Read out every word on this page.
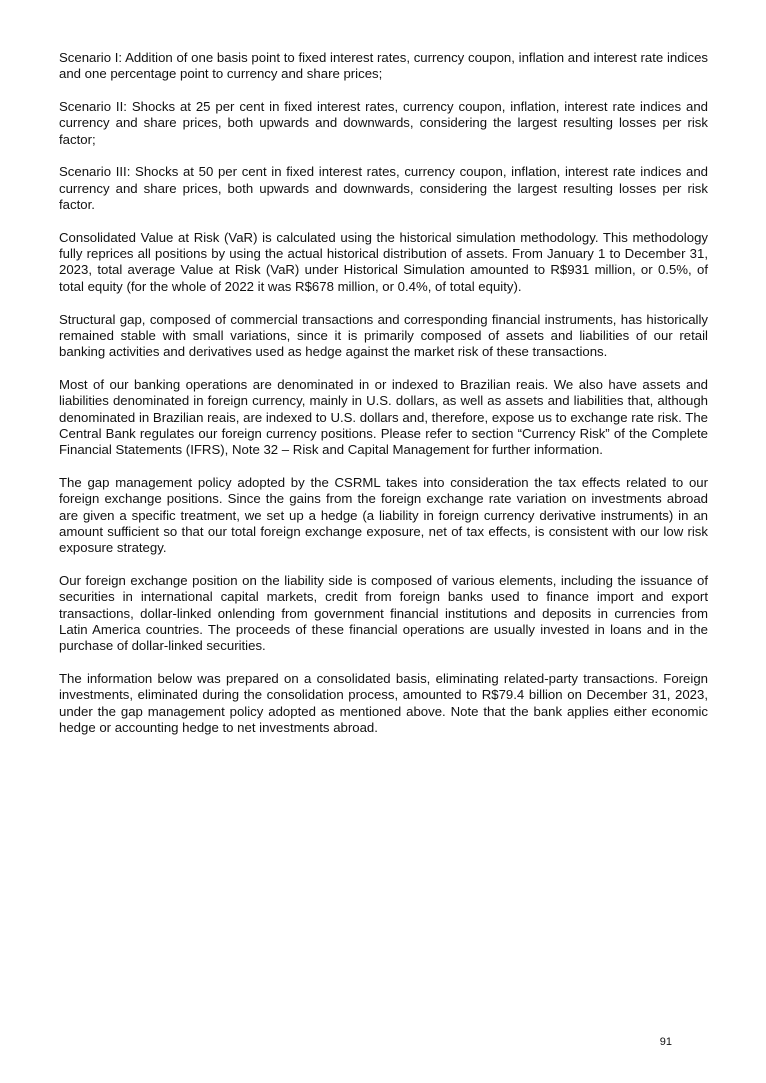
Scenario I: Addition of one basis point to fixed interest rates, currency coupon, inflation and interest rate indices and one percentage point to currency and share prices;

Scenario II: Shocks at 25 per cent in fixed interest rates, currency coupon, inflation, interest rate indices and currency and share prices, both upwards and downwards, considering the largest resulting losses per risk factor;

Scenario III: Shocks at 50 per cent in fixed interest rates, currency coupon, inflation, interest rate indices and currency and share prices, both upwards and downwards, considering the largest resulting losses per risk factor.

Consolidated Value at Risk (VaR) is calculated using the historical simulation methodology. This methodology fully reprices all positions by using the actual historical distribution of assets. From January 1 to December 31, 2023, total average Value at Risk (VaR) under Historical Simulation amounted to R$931 million, or 0.5%, of total equity (for the whole of 2022 it was R$678 million, or 0.4%, of total equity).

Structural gap, composed of commercial transactions and corresponding financial instruments, has historically remained stable with small variations, since it is primarily composed of assets and liabilities of our retail banking activities and derivatives used as hedge against the market risk of these transactions.

Most of our banking operations are denominated in or indexed to Brazilian reais. We also have assets and liabilities denominated in foreign currency, mainly in U.S. dollars, as well as assets and liabilities that, although denominated in Brazilian reais, are indexed to U.S. dollars and, therefore, expose us to exchange rate risk. The Central Bank regulates our foreign currency positions. Please refer to section “Currency Risk” of the Complete Financial Statements (IFRS), Note 32 – Risk and Capital Management for further information.

The gap management policy adopted by the CSRML takes into consideration the tax effects related to our foreign exchange positions. Since the gains from the foreign exchange rate variation on investments abroad are given a specific treatment, we set up a hedge (a liability in foreign currency derivative instruments) in an amount sufficient so that our total foreign exchange exposure, net of tax effects, is consistent with our low risk exposure strategy.

Our foreign exchange position on the liability side is composed of various elements, including the issuance of securities in international capital markets, credit from foreign banks used to finance import and export transactions, dollar-linked onlending from government financial institutions and deposits in currencies from Latin America countries. The proceeds of these financial operations are usually invested in loans and in the purchase of dollar-linked securities.

The information below was prepared on a consolidated basis, eliminating related-party transactions. Foreign investments, eliminated during the consolidation process, amounted to R$79.4 billion on December 31, 2023, under the gap management policy adopted as mentioned above. Note that the bank applies either economic hedge or accounting hedge to net investments abroad.

91
